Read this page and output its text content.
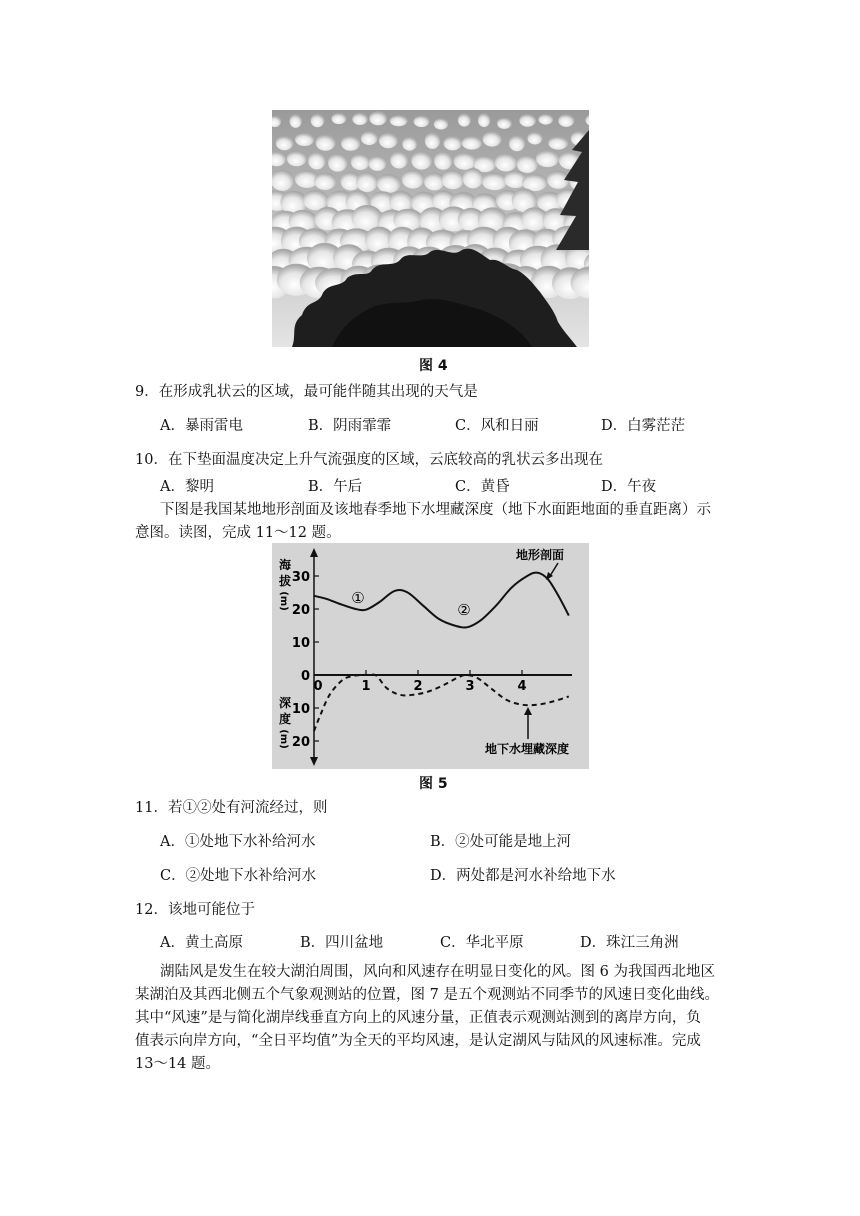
图 4
9．在形成乳状云的区域，最可能伴随其出现的天气是
A．暴雨雷电	B．阴雨霏霏	C．风和日丽	D．白雾茫茫
10．在下垫面温度决定上升气流强度的区域，云底较高的乳状云多出现在
A．黎明	B．午后	C．黄昏	D．午夜
下图是我国某地地形剖面及该地春季地下水埋藏深度（地下水面距地面的垂直距离）示
意图。读图，完成 11～12 题。
30
20
10
0
10
20
0	1	2	3	4
海
拔
(m)
深
度
(m)
①
②
地形剖面
地下水埋藏深度
图 5
11．若①②处有河流经过，则
A．①处地下水补给河水	B．②处可能是地上河
C．②处地下水补给河水	D．两处都是河水补给地下水
12．该地可能位于
A．黄土高原	B．四川盆地	C．华北平原	D．珠江三角洲
湖陆风是发生在较大湖泊周围，风向和风速存在明显日变化的风。图 6 为我国西北地区
某湖泊及其西北侧五个气象观测站的位置，图 7 是五个观测站不同季节的风速日变化曲线。
其中“风速”是与简化湖岸线垂直方向上的风速分量，正值表示观测站测到的离岸方向，负
值表示向岸方向，“全日平均值”为全天的平均风速，是认定湖风与陆风的风速标准。完成
13～14 题。
